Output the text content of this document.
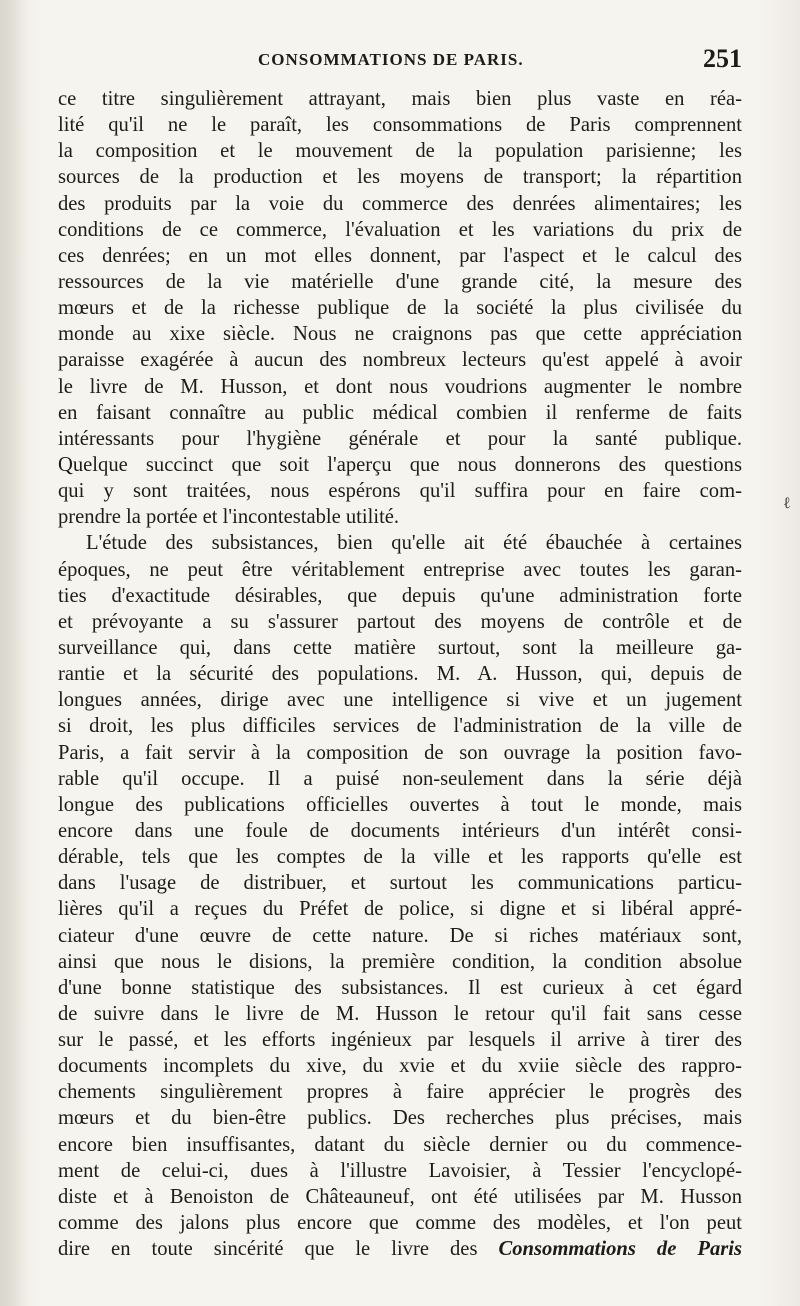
CONSOMMATIONS DE PARIS.	251
ce titre singulièrement attrayant, mais bien plus vaste en réa-
lité qu'il ne le paraît, les consommations de Paris comprennent
la composition et le mouvement de la population parisienne; les
sources de la production et les moyens de transport; la répartition
des produits par la voie du commerce des denrées alimentaires; les
conditions de ce commerce, l'évaluation et les variations du prix de
ces denrées; en un mot elles donnent, par l'aspect et le calcul des
ressources de la vie matérielle d'une grande cité, la mesure des
mœurs et de la richesse publique de la société la plus civilisée du
monde au xixe siècle. Nous ne craignons pas que cette appréciation
paraisse exagérée à aucun des nombreux lecteurs qu'est appelé à avoir
le livre de M. Husson, et dont nous voudrions augmenter le nombre
en faisant connaître au public médical combien il renferme de faits
intéressants pour l'hygiène générale et pour la santé publique.
Quelque succinct que soit l'aperçu que nous donnerons des questions
qui y sont traitées, nous espérons qu'il suffira pour en faire com-
prendre la portée et l'incontestable utilité.
L'étude des subsistances, bien qu'elle ait été ébauchée à certaines
époques, ne peut être véritablement entreprise avec toutes les garan-
ties d'exactitude désirables, que depuis qu'une administration forte
et prévoyante a su s'assurer partout des moyens de contrôle et de
surveillance qui, dans cette matière surtout, sont la meilleure ga-
rantie et la sécurité des populations. M. A. Husson, qui, depuis de
longues années, dirige avec une intelligence si vive et un jugement
si droit, les plus difficiles services de l'administration de la ville de
Paris, a fait servir à la composition de son ouvrage la position favo-
rable qu'il occupe. Il a puisé non-seulement dans la série déjà
longue des publications officielles ouvertes à tout le monde, mais
encore dans une foule de documents intérieurs d'un intérêt consi-
dérable, tels que les comptes de la ville et les rapports qu'elle est
dans l'usage de distribuer, et surtout les communications particu-
lières qu'il a reçues du Préfet de police, si digne et si libéral appré-
ciateur d'une œuvre de cette nature. De si riches matériaux sont,
ainsi que nous le disions, la première condition, la condition absolue
d'une bonne statistique des subsistances. Il est curieux à cet égard
de suivre dans le livre de M. Husson le retour qu'il fait sans cesse
sur le passé, et les efforts ingénieux par lesquels il arrive à tirer des
documents incomplets du xive, du xvie et du xviie siècle des rappro-
chements singulièrement propres à faire apprécier le progrès des
mœurs et du bien-être publics. Des recherches plus précises, mais
encore bien insuffisantes, datant du siècle dernier ou du commence-
ment de celui-ci, dues à l'illustre Lavoisier, à Tessier l'encyclopé-
diste et à Benoiston de Châteauneuf, ont été utilisées par M. Husson
comme des jalons plus encore que comme des modèles, et l'on peut
dire en toute sincérité que le livre des Consommations de Paris
ℓ
